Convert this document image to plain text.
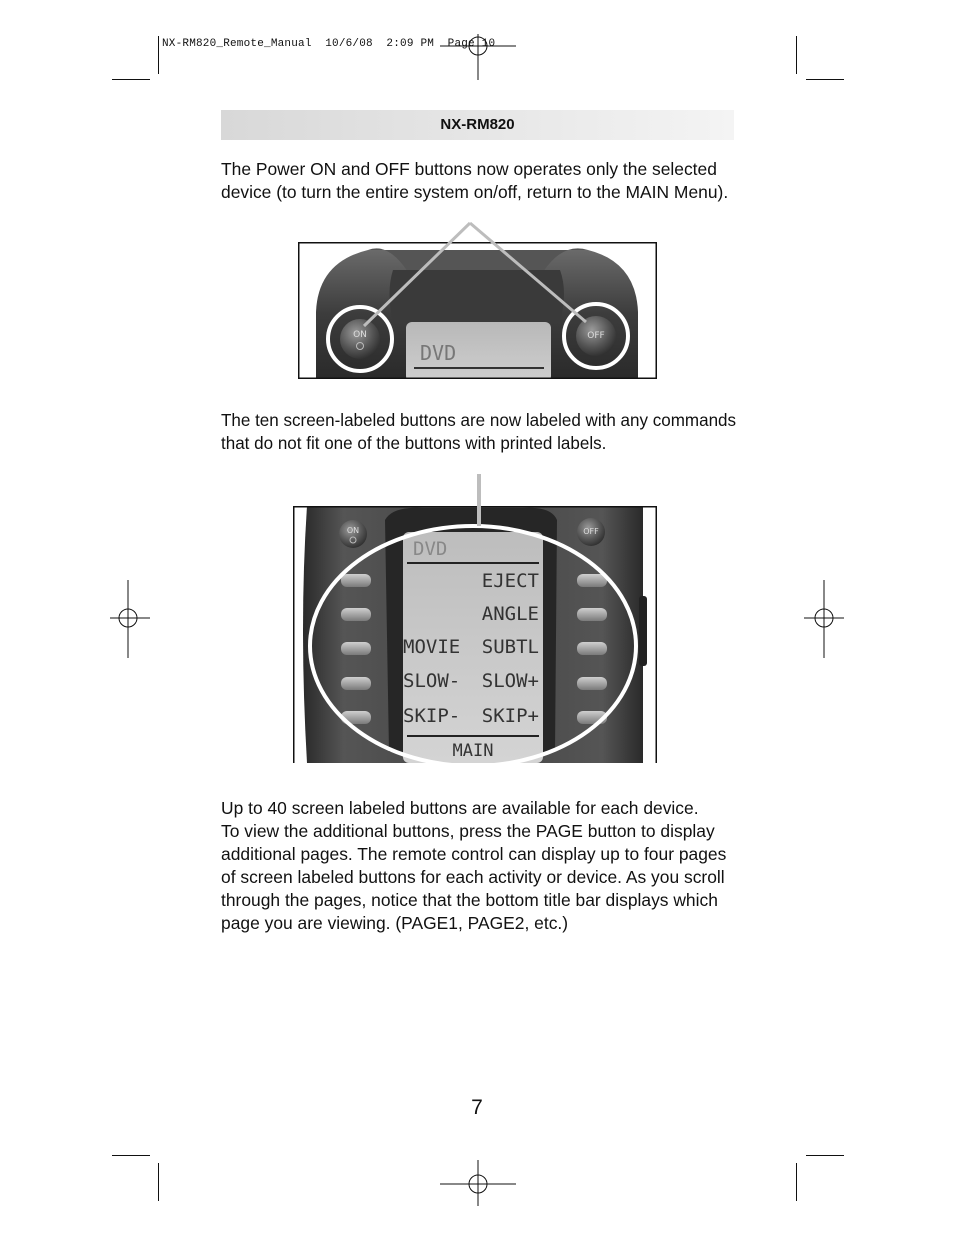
NX-RM820_Remote_Manual  10/6/08  2:09 PM  Page 10
NX-RM820

The Power ON and OFF buttons now operates only the selected

device (to turn the entire system on/off, return to the MAIN Menu).

DVD
ON	OFF

The ten screen-labeled buttons are now labeled with any commands

that do not fit one of the buttons with printed labels.

ON	OFF
DVD
EJECT
ANGLE
MOVIE SUBTL
SLOW- SLOW+
SKIP- SKIP+
MAIN

Up to 40 screen labeled buttons are available for each device.

To view the additional buttons, press the PAGE button to display

additional pages. The remote control can display up to four pages

of screen labeled buttons for each activity or device. As you scroll

through the pages, notice that the bottom title bar displays which

page you are viewing. (PAGE1, PAGE2, etc.)

7
